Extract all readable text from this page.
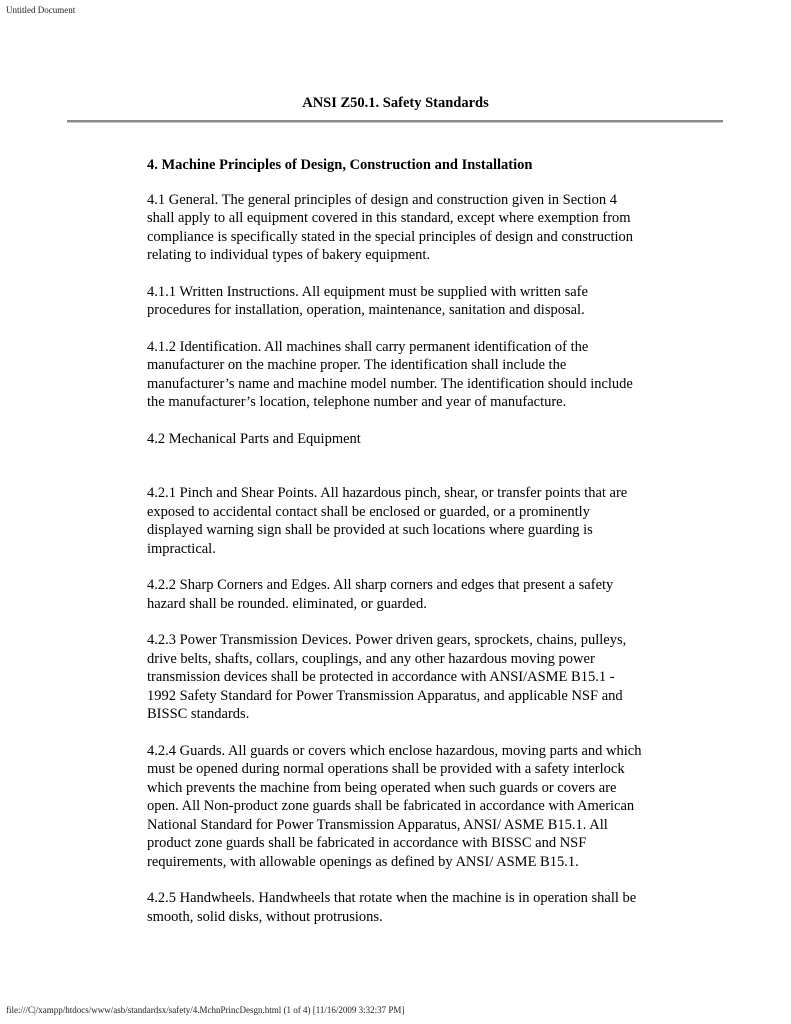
Untitled Document
ANSI Z50.1. Safety Standards
4. Machine Principles of Design, Construction and Installation

4.1 General. The general principles of design and construction given in Section 4 shall apply to all equipment covered in this standard, except where exemption from compliance is specifically stated in the special principles of design and construction relating to individual types of bakery equipment.

4.1.1 Written Instructions. All equipment must be supplied with written safe procedures for installation, operation, maintenance, sanitation and disposal.

4.1.2 Identification. All machines shall carry permanent identification of the manufacturer on the machine proper. The identification shall include the manufacturer’s name and machine model number. The identification should include the manufacturer’s location, telephone number and year of manufacture.

4.2 Mechanical Parts and Equipment

4.2.1 Pinch and Shear Points. All hazardous pinch, shear, or transfer points that are exposed to accidental contact shall be enclosed or guarded, or a prominently displayed warning sign shall be provided at such locations where guarding is impractical.

4.2.2 Sharp Corners and Edges. All sharp corners and edges that present a safety hazard shall be rounded. eliminated, or guarded.

4.2.3 Power Transmission Devices. Power driven gears, sprockets, chains, pulleys, drive belts, shafts, collars, couplings, and any other hazardous moving power transmission devices shall be protected in accordance with ANSI/ASME B15.1 - 1992 Safety Standard for Power Transmission Apparatus, and applicable NSF and BISSC standards.

4.2.4 Guards. All guards or covers which enclose hazardous, moving parts and which must be opened during normal operations shall be provided with a safety interlock which prevents the machine from being operated when such guards or covers are open. All Non-product zone guards shall be fabricated in accordance with American National Standard for Power Transmission Apparatus, ANSI/ ASME B15.1. All product zone guards shall be fabricated in accordance with BISSC and NSF requirements, with allowable openings as defined by ANSI/ ASME B15.1.

4.2.5 Handwheels. Handwheels that rotate when the machine is in operation shall be smooth, solid disks, without protrusions.

file:///C|/xampp/htdocs/www/asb/standardsx/safety/4.MchnPrincDesgn.html (1 of 4) [11/16/2009 3:32:37 PM]
